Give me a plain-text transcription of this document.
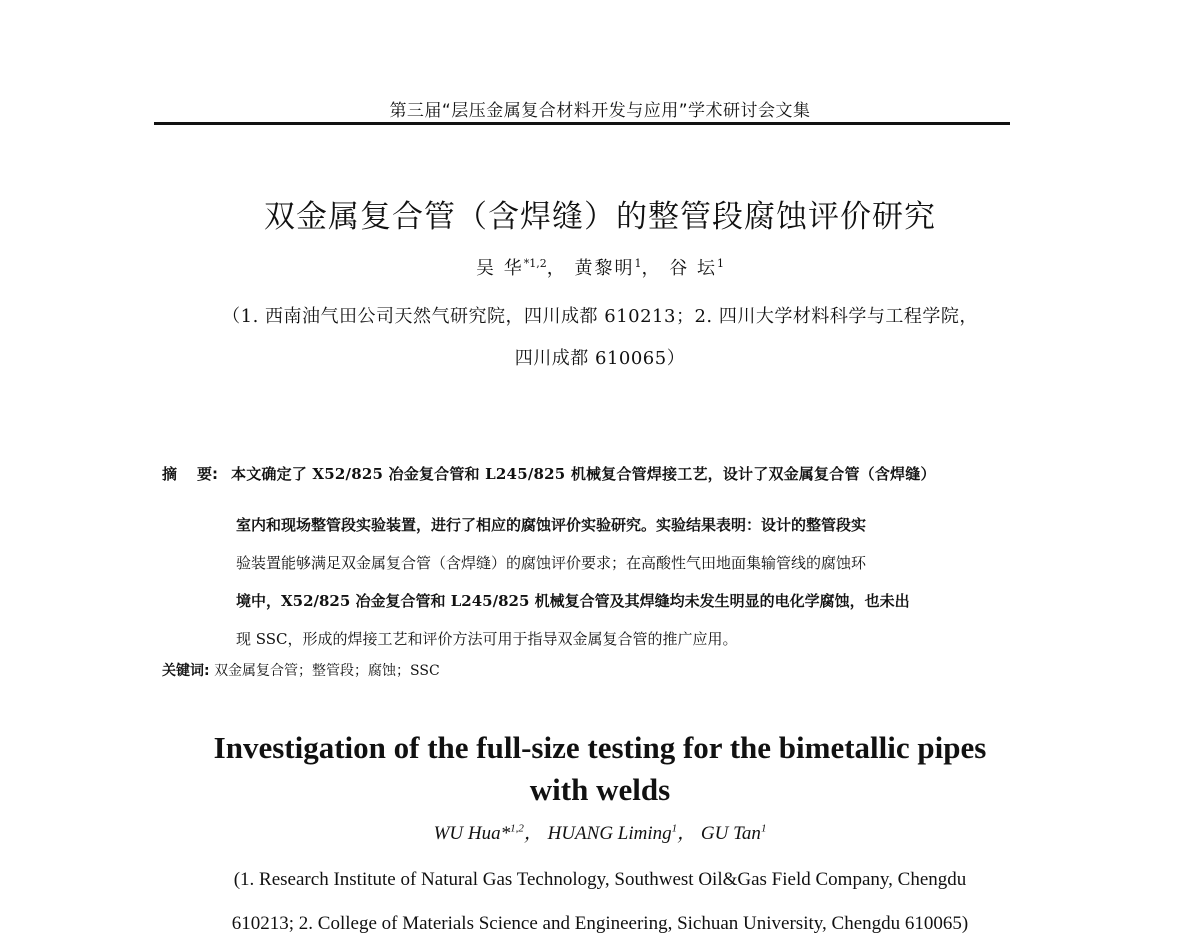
第三届“层压金属复合材料开发与应用”学术研讨会文集
双金属复合管（含焊缝）的整管段腐蚀评价研究
吴 华$^{*1,2}$， 黄黎明$^1$， 谷 坛$^1$
（1. 西南油气田公司天然气研究院，四川成都 610213；2. 四川大学材料科学与工程学院，
四川成都 610065）
摘 要: 本文确定了 X52/825 冶金复合管和 L245/825 机械复合管焊接工艺，设计了双金属复合管（含焊缝）
室内和现场整管段实验装置，进行了相应的腐蚀评价实验研究。实验结果表明：设计的整管段实
验装置能够满足双金属复合管（含焊缝）的腐蚀评价要求；在高酸性气田地面集输管线的腐蚀环
境中，X52/825 冶金复合管和 L245/825 机械复合管及其焊缝均未发生明显的电化学腐蚀，也未出
现 SSC，形成的焊接工艺和评价方法可用于指导双金属复合管的推广应用。
关键词: 双金属复合管；整管段；腐蚀；SSC
Investigation of the full-size testing for the bimetallic pipes
with welds
WU Hua*$^{1,2}$， HUANG Liming$^1$， GU Tan$^1$
(1. Research Institute of Natural Gas Technology, Southwest Oil&Gas Field Company, Chengdu
610213; 2. College of Materials Science and Engineering, Sichuan University, Chengdu 610065)
